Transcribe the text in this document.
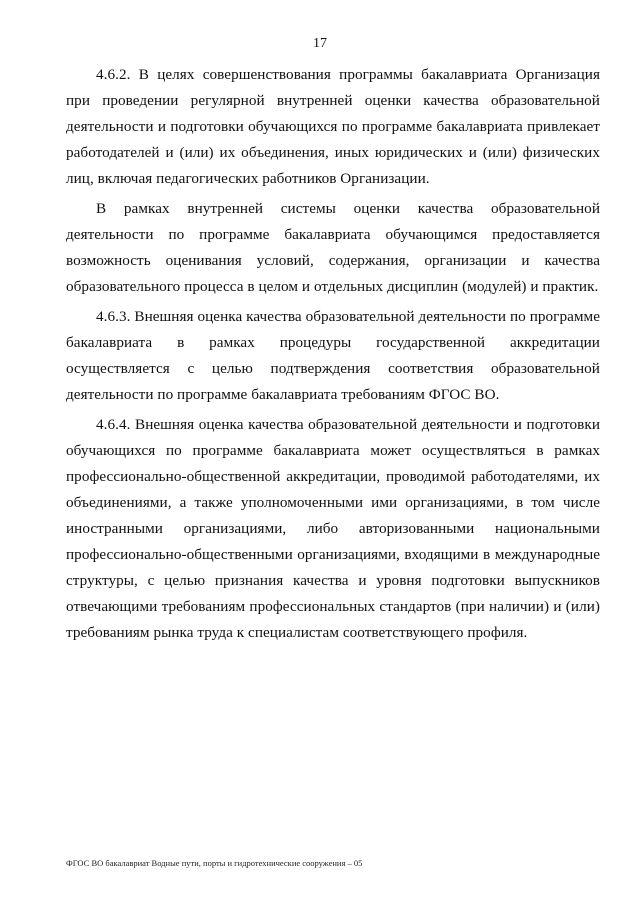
17

4.6.2. В целях совершенствования программы бакалавриата Организация при проведении регулярной внутренней оценки качества образовательной деятельности и подготовки обучающихся по программе бакалавриата привлекает работодателей и (или) их объединения, иных юридических и (или) физических лиц, включая педагогических работников Организации.

В рамках внутренней системы оценки качества образовательной деятельности по программе бакалавриата обучающимся предоставляется возможность оценивания условий, содержания, организации и качества образовательного процесса в целом и отдельных дисциплин (модулей) и практик.

4.6.3. Внешняя оценка качества образовательной деятельности по программе бакалавриата в рамках процедуры государственной аккредитации осуществляется с целью подтверждения соответствия образовательной деятельности по программе бакалавриата требованиям ФГОС ВО.

4.6.4. Внешняя оценка качества образовательной деятельности и подготовки обучающихся по программе бакалавриата может осуществляться в рамках профессионально-общественной аккредитации, проводимой работодателями, их объединениями, а также уполномоченными ими организациями, в том числе иностранными организациями, либо авторизованными национальными профессионально-общественными организациями, входящими в международные структуры, с целью признания качества и уровня подготовки выпускников отвечающими требованиям профессиональных стандартов (при наличии) и (или) требованиям рынка труда к специалистам соответствующего профиля.

ФГОС ВО бакалавриат Водные пути, порты и гидротехнические сооружения – 05
